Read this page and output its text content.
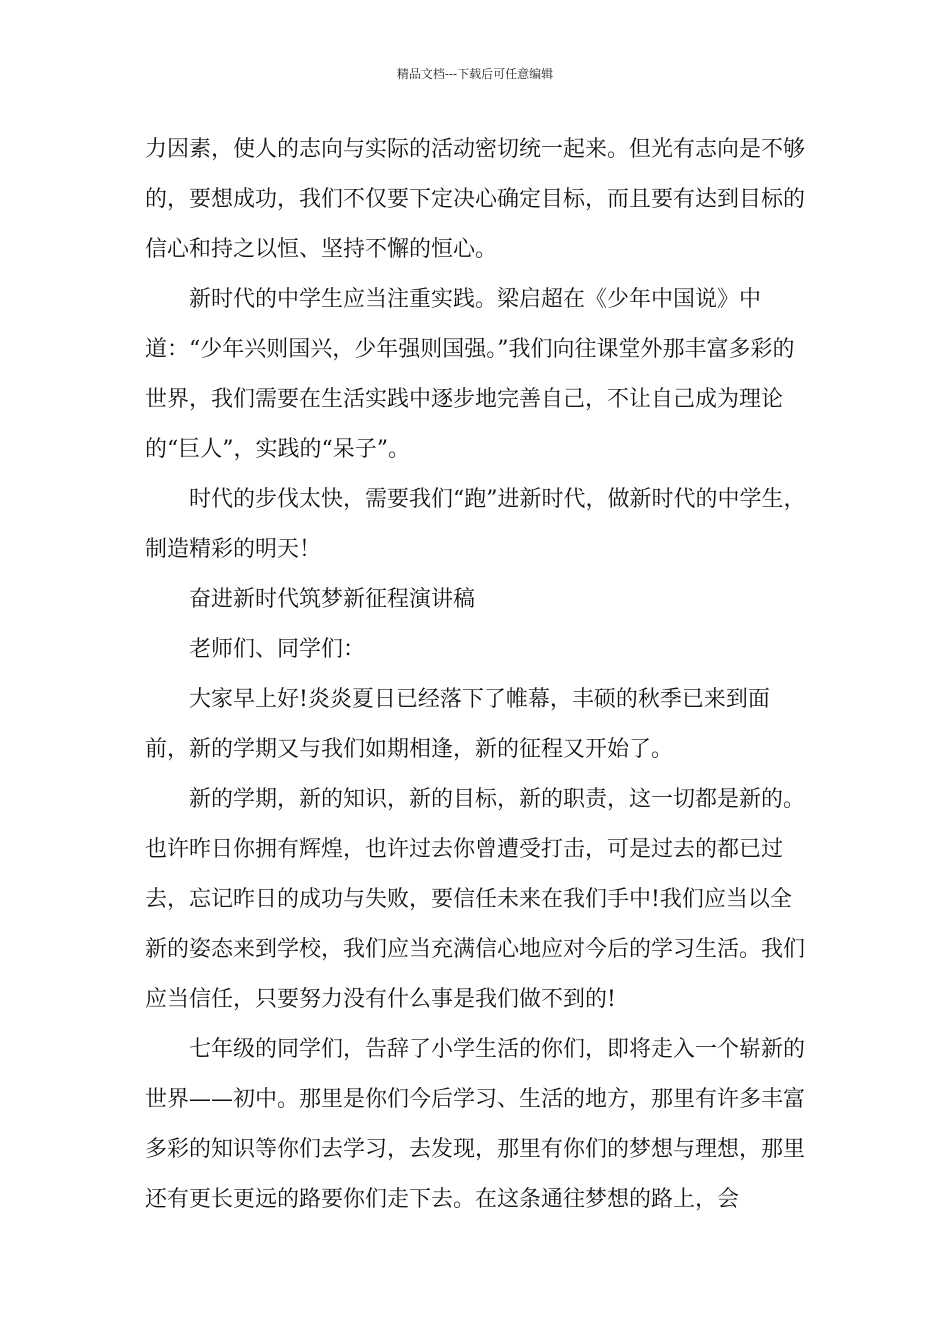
精品文档---下载后可任意编辑

力因素，使人的志向与实际的活动密切统一起来。但光有志向是不够的，要想成功，我们不仅要下定决心确定目标，而且要有达到目标的信心和持之以恒、坚持不懈的恒心。

新时代的中学生应当注重实践。梁启超在《少年中国说》中道：“少年兴则国兴，少年强则国强。”我们向往课堂外那丰富多彩的世界，我们需要在生活实践中逐步地完善自己，不让自己成为理论的“巨人”，实践的“呆子”。

时代的步伐太快，需要我们“跑”进新时代，做新时代的中学生，制造精彩的明天！

奋进新时代筑梦新征程演讲稿

老师们、同学们：

大家早上好!炎炎夏日已经落下了帷幕，丰硕的秋季已来到面前，新的学期又与我们如期相逢，新的征程又开始了。

新的学期，新的知识，新的目标，新的职责，这一切都是新的。也许昨日你拥有辉煌，也许过去你曾遭受打击，可是过去的都已过去，忘记昨日的成功与失败，要信任未来在我们手中!我们应当以全新的姿态来到学校，我们应当充满信心地应对今后的学习生活。我们应当信任，只要努力没有什么事是我们做不到的!

七年级的同学们，告辞了小学生活的你们，即将走入一个崭新的世界——初中。那里是你们今后学习、生活的地方，那里有许多丰富多彩的知识等你们去学习，去发现，那里有你们的梦想与理想，那里还有更长更远的路要你们走下去。在这条通往梦想的路上，会
